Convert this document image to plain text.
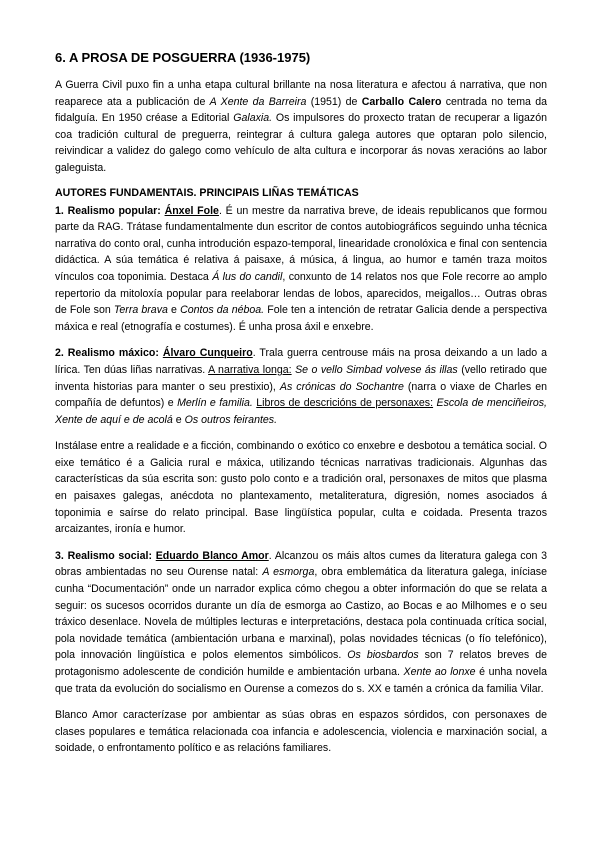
6. A PROSA DE POSGUERRA (1936-1975)

A Guerra Civil puxo fin a unha etapa cultural brillante na nosa literatura e afectou á narrativa, que non reaparece ata a publicación de A Xente da Barreira (1951) de Carballo Calero centrada no tema da fidalguía. En 1950 créase a Editorial Galaxia. Os impulsores do proxecto tratan de recuperar a ligazón coa tradición cultural de preguerra, reintegrar á cultura galega autores que optaran polo silencio, reivindicar a validez do galego como vehículo de alta cultura e incorporar ás novas xeracións ao labor galeguista.

AUTORES FUNDAMENTAIS. PRINCIPAIS LIÑAS TEMÁTICAS

1. Realismo popular: Ánxel Fole. É un mestre da narrativa breve, de ideais republicanos que formou parte da RAG. Trátase fundamentalmente dun escritor de contos autobiográficos seguindo unha técnica narrativa do conto oral, cunha introdución espazo-temporal, linearidade cronolóxica e final con sentencia didáctica. A súa temática é relativa á paisaxe, á música, á lingua, ao humor e tamén traza moitos vínculos coa toponimia. Destaca Á lus do candil, conxunto de 14 relatos nos que Fole recorre ao amplo repertorio da mitoloxía popular para reelaborar lendas de lobos, aparecidos, meigallos… Outras obras de Fole son Terra brava e Contos da néboa. Fole ten a intención de retratar Galicia dende a perspectiva máxica e real (etnografía e costumes). É unha prosa áxil e enxebre.

2. Realismo máxico: Álvaro Cunqueiro. Trala guerra centrouse máis na prosa deixando a un lado a lírica. Ten dúas liñas narrativas. A narrativa longa: Se o vello Simbad volvese ás illas (vello retirado que inventa historias para manter o seu prestixio), As crónicas do Sochantre (narra o viaxe de Charles en compañía de defuntos) e Merlín e familia. Libros de descricións de personaxes: Escola de menciñeiros, Xente de aquí e de acolá e Os outros feirantes.

Instálase entre a realidade e a ficción, combinando o exótico co enxebre e desbotou a temática social. O eixe temático é a Galicia rural e máxica, utilizando técnicas narrativas tradicionais. Algunhas das características da súa escrita son: gusto polo conto e a tradición oral, personaxes de mitos que plasma en paisaxes galegas, anécdota no plantexamento, metaliteratura, digresión, nomes asociados á toponimia e saírse do relato principal. Base lingüística popular, culta e coidada. Presenta trazos arcaizantes, ironía e humor.

3. Realismo social: Eduardo Blanco Amor. Alcanzou os máis altos cumes da literatura galega con 3 obras ambientadas no seu Ourense natal: A esmorga, obra emblemática da literatura galega, iníciase cunha “Documentación” onde un narrador explica cómo chegou a obter información do que se relata a seguir: os sucesos ocorridos durante un día de esmorga ao Castizo, ao Bocas e ao Milhomes e o seu tráxico desenlace. Novela de múltiples lecturas e interpretacións, destaca pola continuada crítica social, pola novidade temática (ambientación urbana e marxinal), polas novidades técnicas (o fío telefónico), pola innovación lingüística e polos elementos simbólicos. Os biosbardos son 7 relatos breves de protagonismo adolescente de condición humilde e ambientación urbana. Xente ao lonxe é unha novela que trata da evolución do socialismo en Ourense a comezos do s. XX e tamén a crónica da familia Vilar.

Blanco Amor caracterízase por ambientar as súas obras en espazos sórdidos, con personaxes de clases populares e temática relacionada coa infancia e adolescencia, violencia e marxinación social, a soidade, o enfrontamento político e as relacións familiares.
